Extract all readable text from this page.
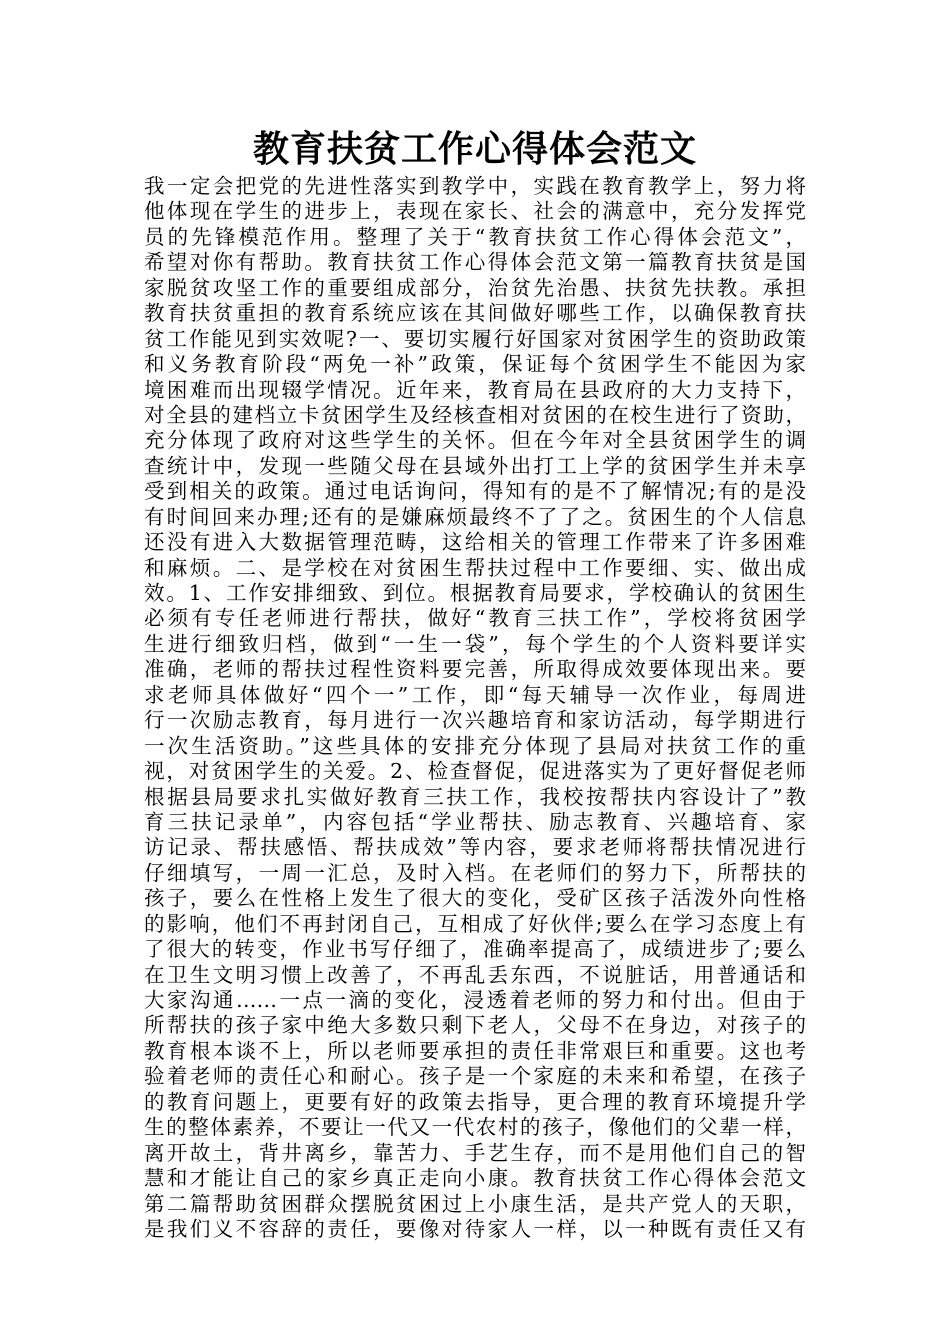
教育扶贫工作心得体会范文
我一定会把党的先进性落实到教学中，实践在教育教学上，努力将
他体现在学生的进步上，表现在家长、社会的满意中，充分发挥党
员的先锋模范作用。整理了关于“教育扶贫工作心得体会范文”，
希望对你有帮助。教育扶贫工作心得体会范文第一篇教育扶贫是国
家脱贫攻坚工作的重要组成部分，治贫先治愚、扶贫先扶教。承担
教育扶贫重担的教育系统应该在其间做好哪些工作，以确保教育扶
贫工作能见到实效呢?一、要切实履行好国家对贫困学生的资助政策
和义务教育阶段“两免一补”政策，保证每个贫困学生不能因为家
境困难而出现辍学情况。近年来，教育局在县政府的大力支持下，
对全县的建档立卡贫困学生及经核查相对贫困的在校生进行了资助，
充分体现了政府对这些学生的关怀。但在今年对全县贫困学生的调
查统计中，发现一些随父母在县域外出打工上学的贫困学生并未享
受到相关的政策。通过电话询问，得知有的是不了解情况;有的是没
有时间回来办理;还有的是嫌麻烦最终不了了之。贫困生的个人信息
还没有进入大数据管理范畴，这给相关的管理工作带来了许多困难
和麻烦。二、是学校在对贫困生帮扶过程中工作要细、实、做出成
效。1、工作安排细致、到位。根据教育局要求，学校确认的贫困生
必须有专任老师进行帮扶，做好“教育三扶工作”，学校将贫困学
生进行细致归档，做到“一生一袋”，每个学生的个人资料要详实
准确，老师的帮扶过程性资料要完善，所取得成效要体现出来。要
求老师具体做好“四个一”工作，即“每天辅导一次作业，每周进
行一次励志教育，每月进行一次兴趣培育和家访活动，每学期进行
一次生活资助。”这些具体的安排充分体现了县局对扶贫工作的重
视，对贫困学生的关爱。2、检查督促，促进落实为了更好督促老师
根据县局要求扎实做好教育三扶工作，我校按帮扶内容设计了”教
育三扶记录单”，内容包括“学业帮扶、励志教育、兴趣培育、家
访记录、帮扶感悟、帮扶成效”等内容，要求老师将帮扶情况进行
仔细填写，一周一汇总，及时入档。在老师们的努力下，所帮扶的
孩子，要么在性格上发生了很大的变化，受矿区孩子活泼外向性格
的影响，他们不再封闭自己，互相成了好伙伴;要么在学习态度上有
了很大的转变，作业书写仔细了，准确率提高了，成绩进步了;要么
在卫生文明习惯上改善了，不再乱丢东西，不说脏话，用普通话和
大家沟通……一点一滴的变化，浸透着老师的努力和付出。但由于
所帮扶的孩子家中绝大多数只剩下老人，父母不在身边，对孩子的
教育根本谈不上，所以老师要承担的责任非常艰巨和重要。这也考
验着老师的责任心和耐心。孩子是一个家庭的未来和希望，在孩子
的教育问题上，更要有好的政策去指导，更合理的教育环境提升学
生的整体素养，不要让一代又一代农村的孩子，像他们的父辈一样，
离开故土，背井离乡，靠苦力、手艺生存，而不是用他们自己的智
慧和才能让自己的家乡真正走向小康。教育扶贫工作心得体会范文
第二篇帮助贫困群众摆脱贫困过上小康生活，是共产党人的天职，
是我们义不容辞的责任，要像对待家人一样，以一种既有责任又有
